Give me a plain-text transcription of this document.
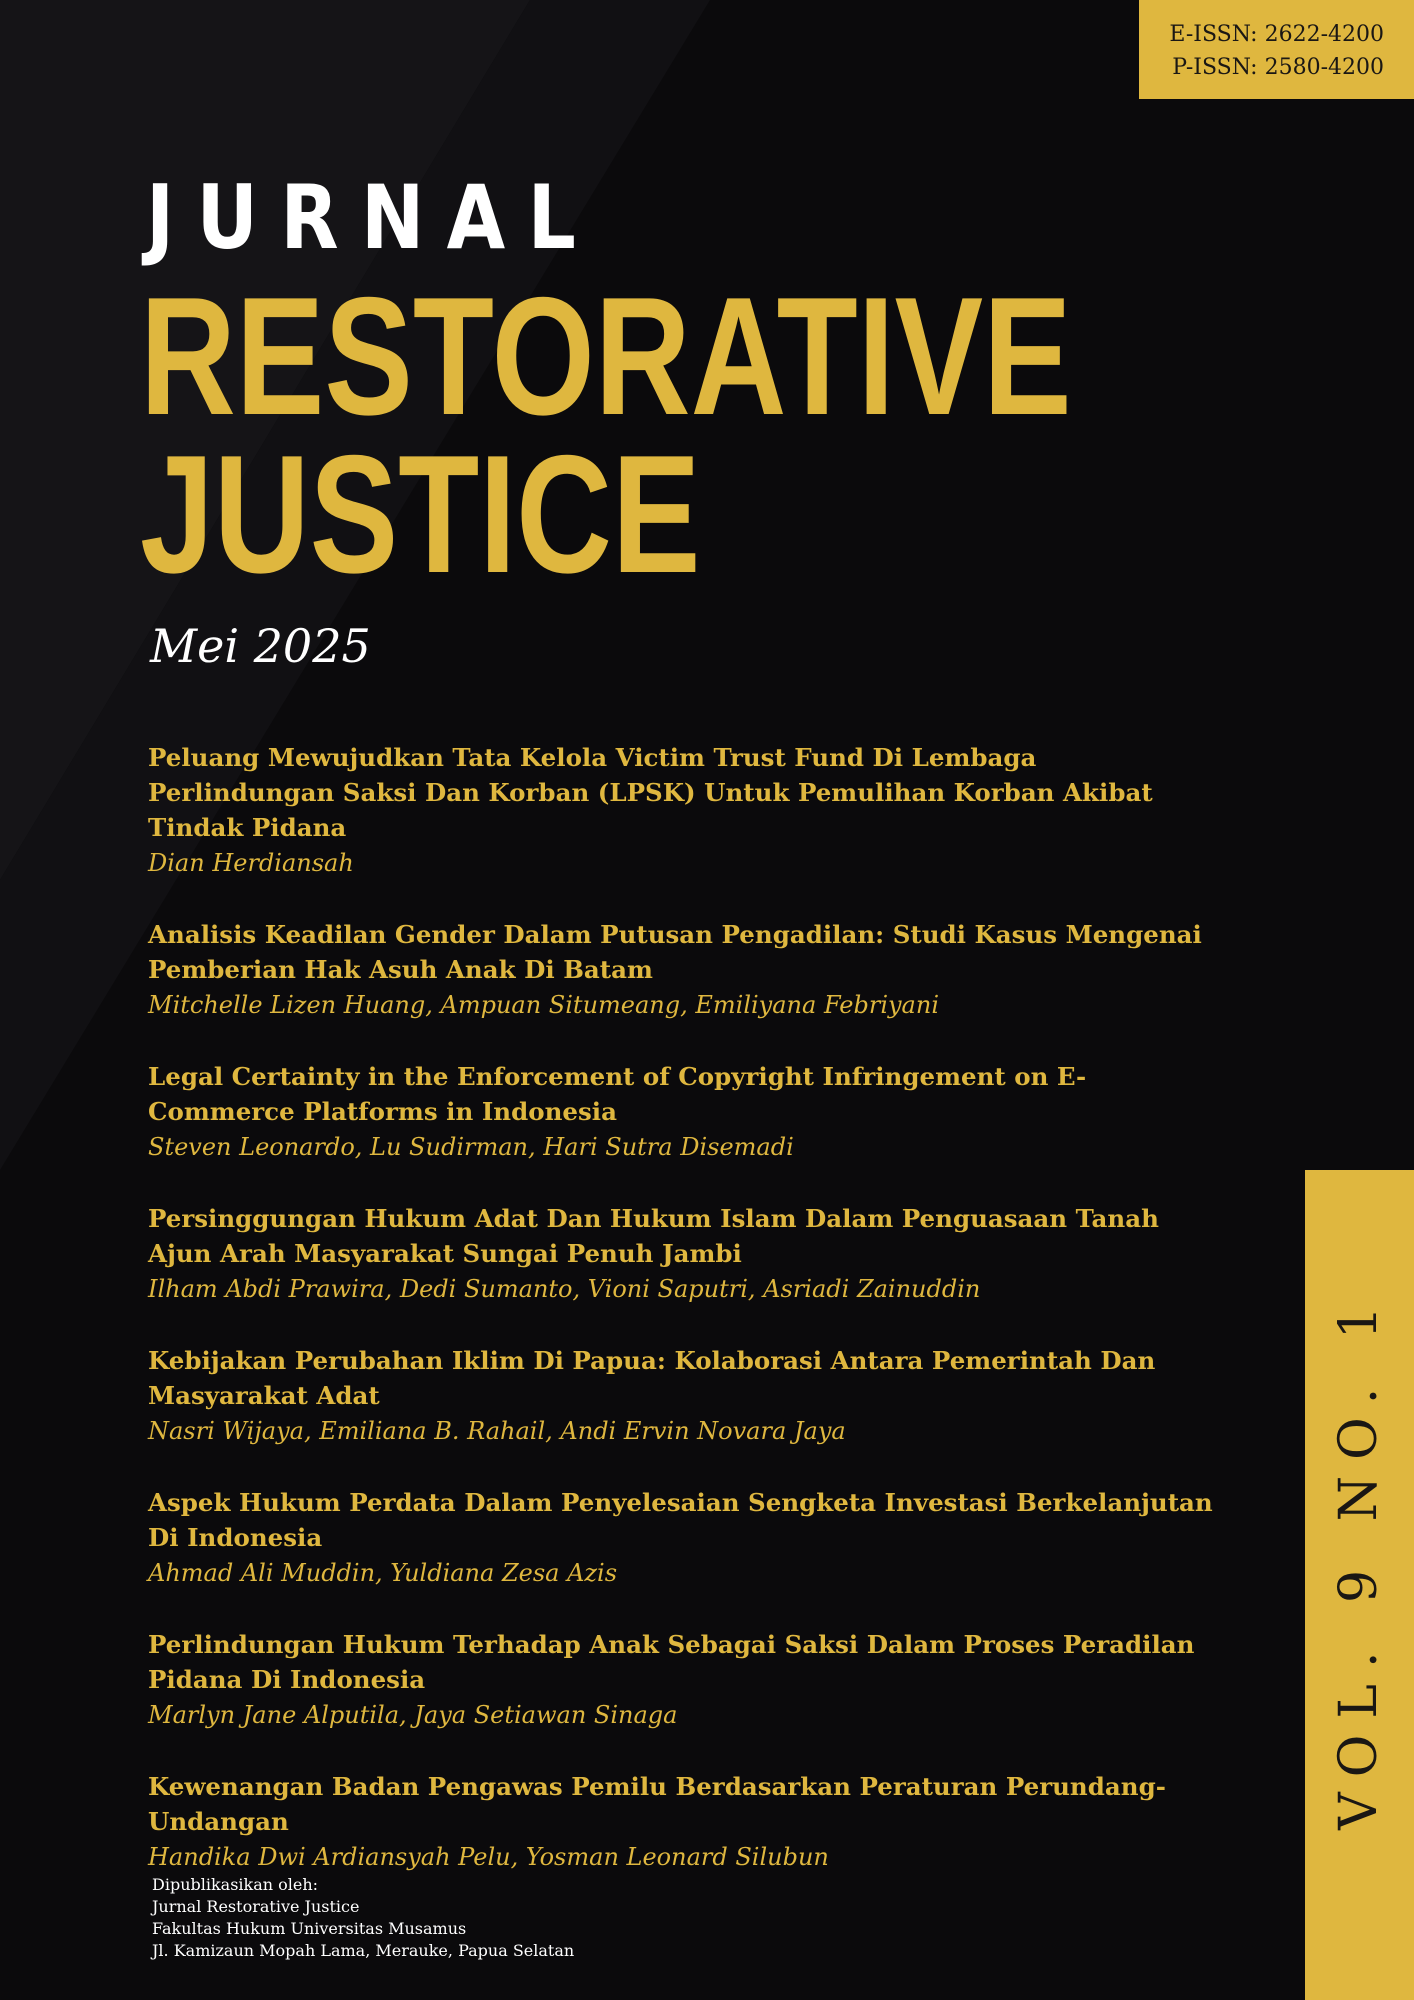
E-ISSN: 2622-4200
P-ISSN: 2580-4200
JURNAL
RESTORATIVE
JUSTICE
Mei 2025
Peluang Mewujudkan Tata Kelola Victim Trust Fund Di Lembaga Perlindungan Saksi Dan Korban (LPSK) Untuk Pemulihan Korban Akibat Tindak Pidana
Dian Herdiansah
Analisis Keadilan Gender Dalam Putusan Pengadilan: Studi Kasus Mengenai Pemberian Hak Asuh Anak Di Batam
Mitchelle Lizen Huang, Ampuan Situmeang, Emiliyana Febriyani
Legal Certainty in the Enforcement of Copyright Infringement on E-Commerce Platforms in Indonesia
Steven Leonardo, Lu Sudirman, Hari Sutra Disemadi
Persinggungan Hukum Adat Dan Hukum Islam Dalam Penguasaan Tanah Ajun Arah Masyarakat Sungai Penuh Jambi
Ilham Abdi Prawira, Dedi Sumanto, Vioni Saputri, Asriadi Zainuddin
Kebijakan Perubahan Iklim Di Papua: Kolaborasi Antara Pemerintah Dan Masyarakat Adat
Nasri Wijaya, Emiliana B. Rahail, Andi Ervin Novara Jaya
Aspek Hukum Perdata Dalam Penyelesaian Sengketa Investasi Berkelanjutan Di Indonesia
Ahmad Ali Muddin, Yuldiana Zesa Azis
Perlindungan Hukum Terhadap Anak Sebagai Saksi Dalam Proses Peradilan Pidana Di Indonesia
Marlyn Jane Alputila, Jaya Setiawan Sinaga
Kewenangan Badan Pengawas Pemilu Berdasarkan Peraturan Perundang-Undangan
Handika Dwi Ardiansyah Pelu, Yosman Leonard Silubun
VOL. 9 NO. 1
Dipublikasikan oleh:
Jurnal Restorative Justice
Fakultas Hukum Universitas Musamus
Jl. Kamizaun Mopah Lama, Merauke, Papua Selatan
